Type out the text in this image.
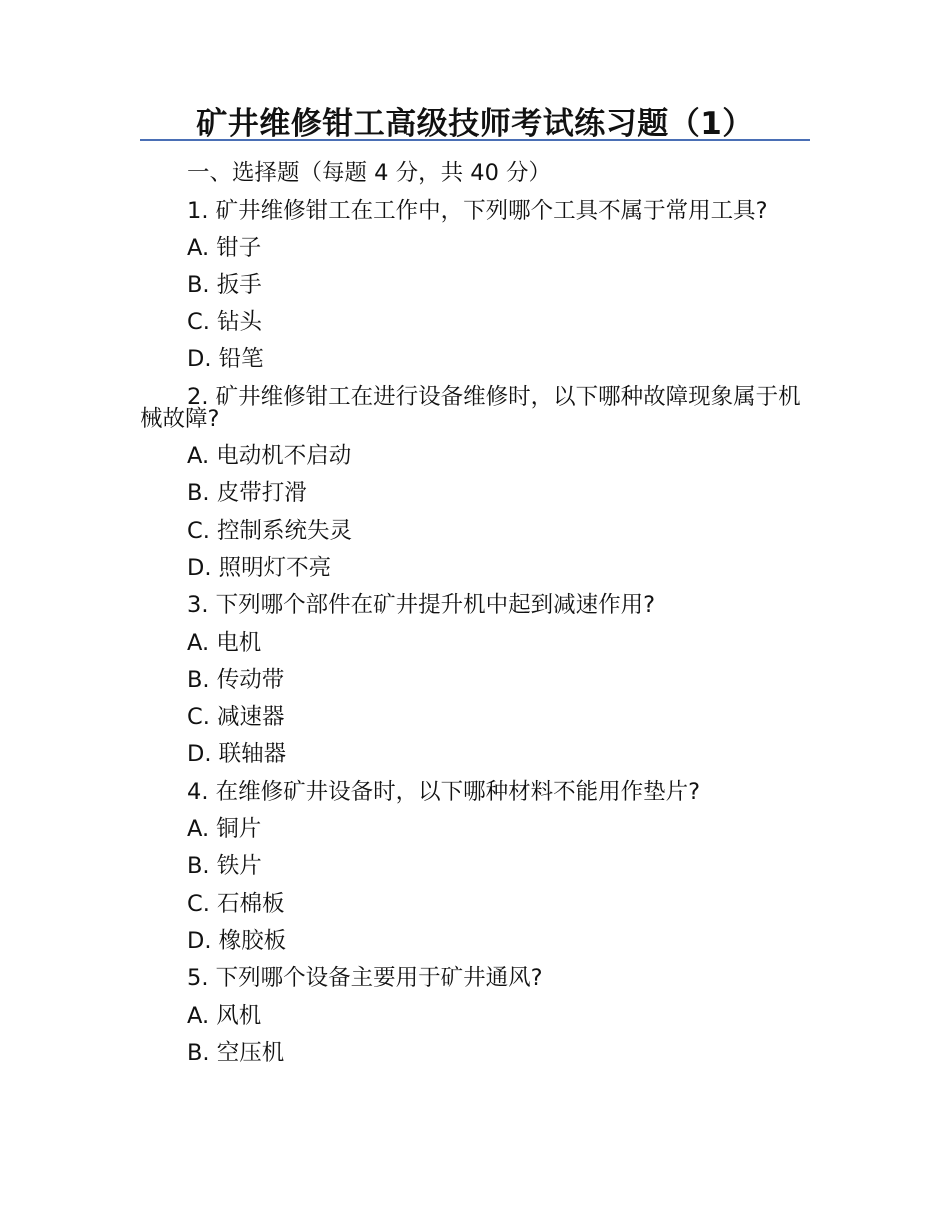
矿井维修钳工高级技师考试练习题（1）
一、选择题（每题 4 分，共 40 分）
1. 矿井维修钳工在工作中，下列哪个工具不属于常用工具?
A. 钳子
B. 扳手
C. 钻头
D. 铅笔
2. 矿井维修钳工在进行设备维修时，以下哪种故障现象属于机械故障?
A. 电动机不启动
B. 皮带打滑
C. 控制系统失灵
D. 照明灯不亮
3. 下列哪个部件在矿井提升机中起到减速作用?
A. 电机
B. 传动带
C. 减速器
D. 联轴器
4. 在维修矿井设备时，以下哪种材料不能用作垫片?
A. 铜片
B. 铁片
C. 石棉板
D. 橡胶板
5. 下列哪个设备主要用于矿井通风?
A. 风机
B. 空压机
